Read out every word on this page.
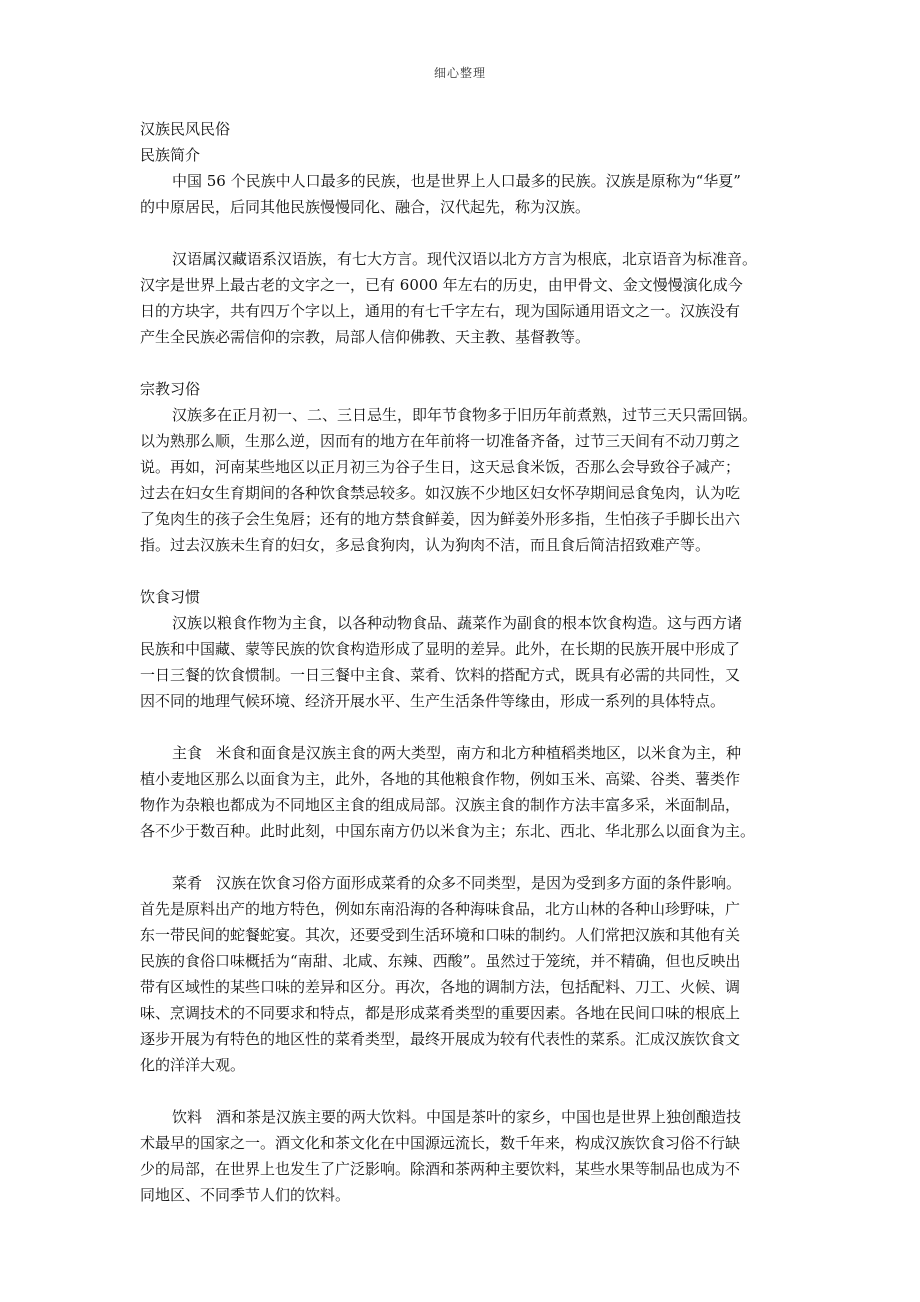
细心整理
汉族民风民俗
民族简介
中国 56 个民族中人口最多的民族，也是世界上人口最多的民族。汉族是原称为“华夏”
的中原居民，后同其他民族慢慢同化、融合，汉代起先，称为汉族。
汉语属汉藏语系汉语族，有七大方言。现代汉语以北方方言为根底，北京语音为标准音。
汉字是世界上最古老的文字之一，已有 6000 年左右的历史，由甲骨文、金文慢慢演化成今
日的方块字，共有四万个字以上，通用的有七千字左右，现为国际通用语文之一。汉族没有
产生全民族必需信仰的宗教，局部人信仰佛教、天主教、基督教等。
宗教习俗
汉族多在正月初一、二、三日忌生，即年节食物多于旧历年前煮熟，过节三天只需回锅。
以为熟那么顺，生那么逆，因而有的地方在年前将一切准备齐备，过节三天间有不动刀剪之
说。再如，河南某些地区以正月初三为谷子生日，这天忌食米饭，否那么会导致谷子减产；
过去在妇女生育期间的各种饮食禁忌较多。如汉族不少地区妇女怀孕期间忌食兔肉，认为吃
了兔肉生的孩子会生兔唇；还有的地方禁食鲜姜，因为鲜姜外形多指，生怕孩子手脚长出六
指。过去汉族未生育的妇女，多忌食狗肉，认为狗肉不洁，而且食后简洁招致难产等。
饮食习惯
汉族以粮食作物为主食，以各种动物食品、蔬菜作为副食的根本饮食构造。这与西方诸
民族和中国藏、蒙等民族的饮食构造形成了显明的差异。此外，在长期的民族开展中形成了
一日三餐的饮食惯制。一日三餐中主食、菜肴、饮料的搭配方式，既具有必需的共同性，又
因不同的地理气候环境、经济开展水平、生产生活条件等缘由，形成一系列的具体特点。
主食 米食和面食是汉族主食的两大类型，南方和北方种植稻类地区，以米食为主，种
植小麦地区那么以面食为主，此外，各地的其他粮食作物，例如玉米、高粱、谷类、薯类作
物作为杂粮也都成为不同地区主食的组成局部。汉族主食的制作方法丰富多采，米面制品，
各不少于数百种。此时此刻，中国东南方仍以米食为主；东北、西北、华北那么以面食为主。
菜肴 汉族在饮食习俗方面形成菜肴的众多不同类型，是因为受到多方面的条件影响。
首先是原料出产的地方特色，例如东南沿海的各种海味食品，北方山林的各种山珍野味，广
东一带民间的蛇餐蛇宴。其次，还要受到生活环境和口味的制约。人们常把汉族和其他有关
民族的食俗口味概括为“南甜、北咸、东辣、西酸”。虽然过于笼统，并不精确，但也反映出
带有区域性的某些口味的差异和区分。再次，各地的调制方法，包括配料、刀工、火候、调
味、烹调技术的不同要求和特点，都是形成菜肴类型的重要因素。各地在民间口味的根底上
逐步开展为有特色的地区性的菜肴类型，最终开展成为较有代表性的菜系。汇成汉族饮食文
化的洋洋大观。
饮料 酒和茶是汉族主要的两大饮料。中国是茶叶的家乡，中国也是世界上独创酿造技
术最早的国家之一。酒文化和茶文化在中国源远流长，数千年来，构成汉族饮食习俗不行缺
少的局部，在世界上也发生了广泛影响。除酒和茶两种主要饮料，某些水果等制品也成为不
同地区、不同季节人们的饮料。
